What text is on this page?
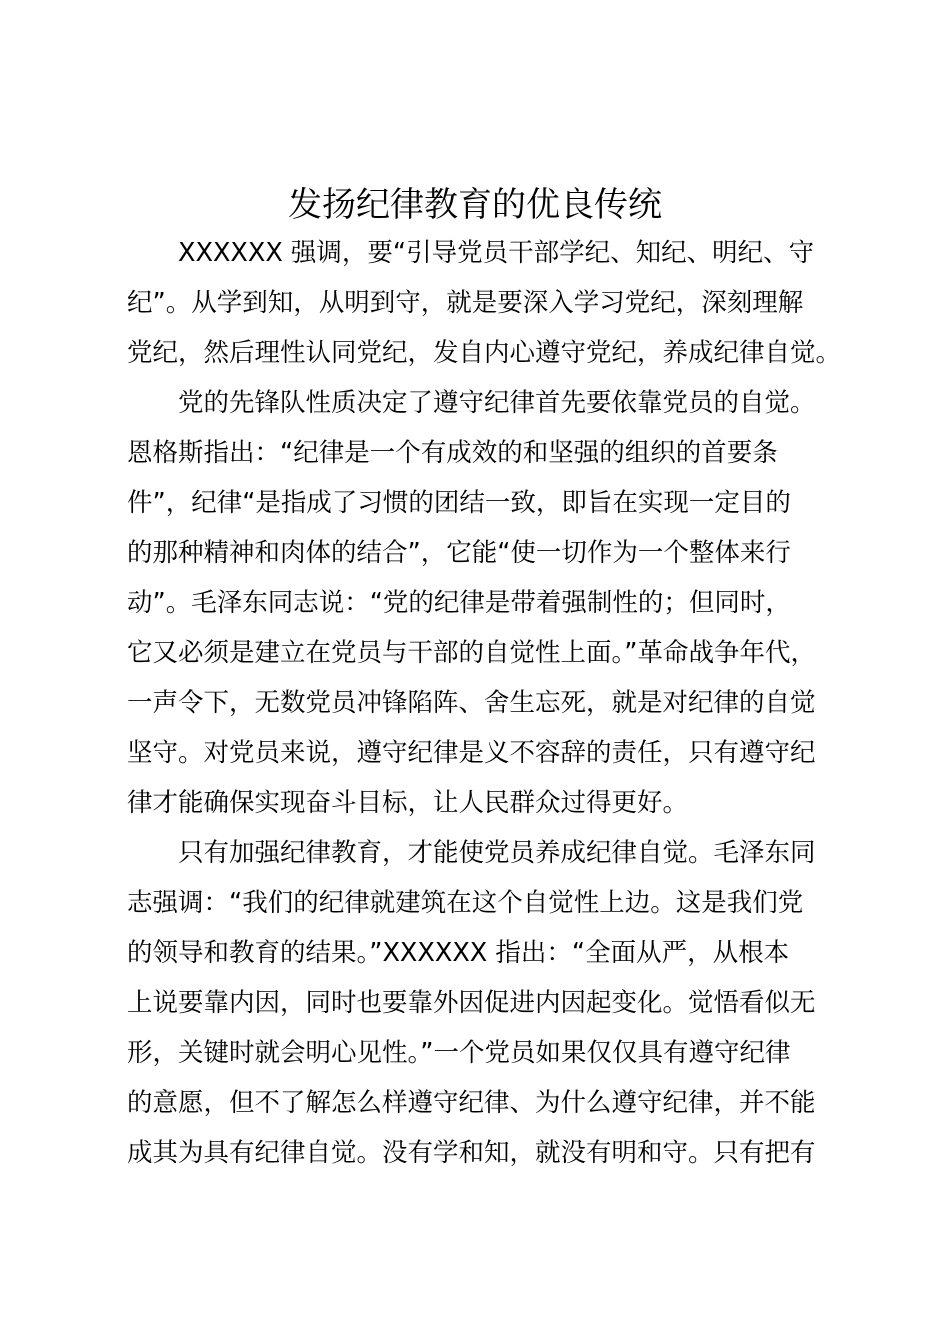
发扬纪律教育的优良传统
XXXXXX 强调，要“引导党员干部学纪、知纪、明纪、守
纪”。从学到知，从明到守，就是要深入学习党纪，深刻理解
党纪，然后理性认同党纪，发自内心遵守党纪，养成纪律自觉。
党的先锋队性质决定了遵守纪律首先要依靠党员的自觉。
恩格斯指出：“纪律是一个有成效的和坚强的组织的首要条
件”，纪律“是指成了习惯的团结一致，即旨在实现一定目的
的那种精神和肉体的结合”，它能“使一切作为一个整体来行
动”。毛泽东同志说：“党的纪律是带着强制性的；但同时，
它又必须是建立在党员与干部的自觉性上面。”革命战争年代，
一声令下，无数党员冲锋陷阵、舍生忘死，就是对纪律的自觉
坚守。对党员来说，遵守纪律是义不容辞的责任，只有遵守纪
律才能确保实现奋斗目标，让人民群众过得更好。
只有加强纪律教育，才能使党员养成纪律自觉。毛泽东同
志强调：“我们的纪律就建筑在这个自觉性上边。这是我们党
的领导和教育的结果。”XXXXXX 指出：“全面从严，从根本
上说要靠内因，同时也要靠外因促进内因起变化。觉悟看似无
形，关键时就会明心见性。”一个党员如果仅仅具有遵守纪律
的意愿，但不了解怎么样遵守纪律、为什么遵守纪律，并不能
成其为具有纪律自觉。没有学和知，就没有明和守。只有把有
